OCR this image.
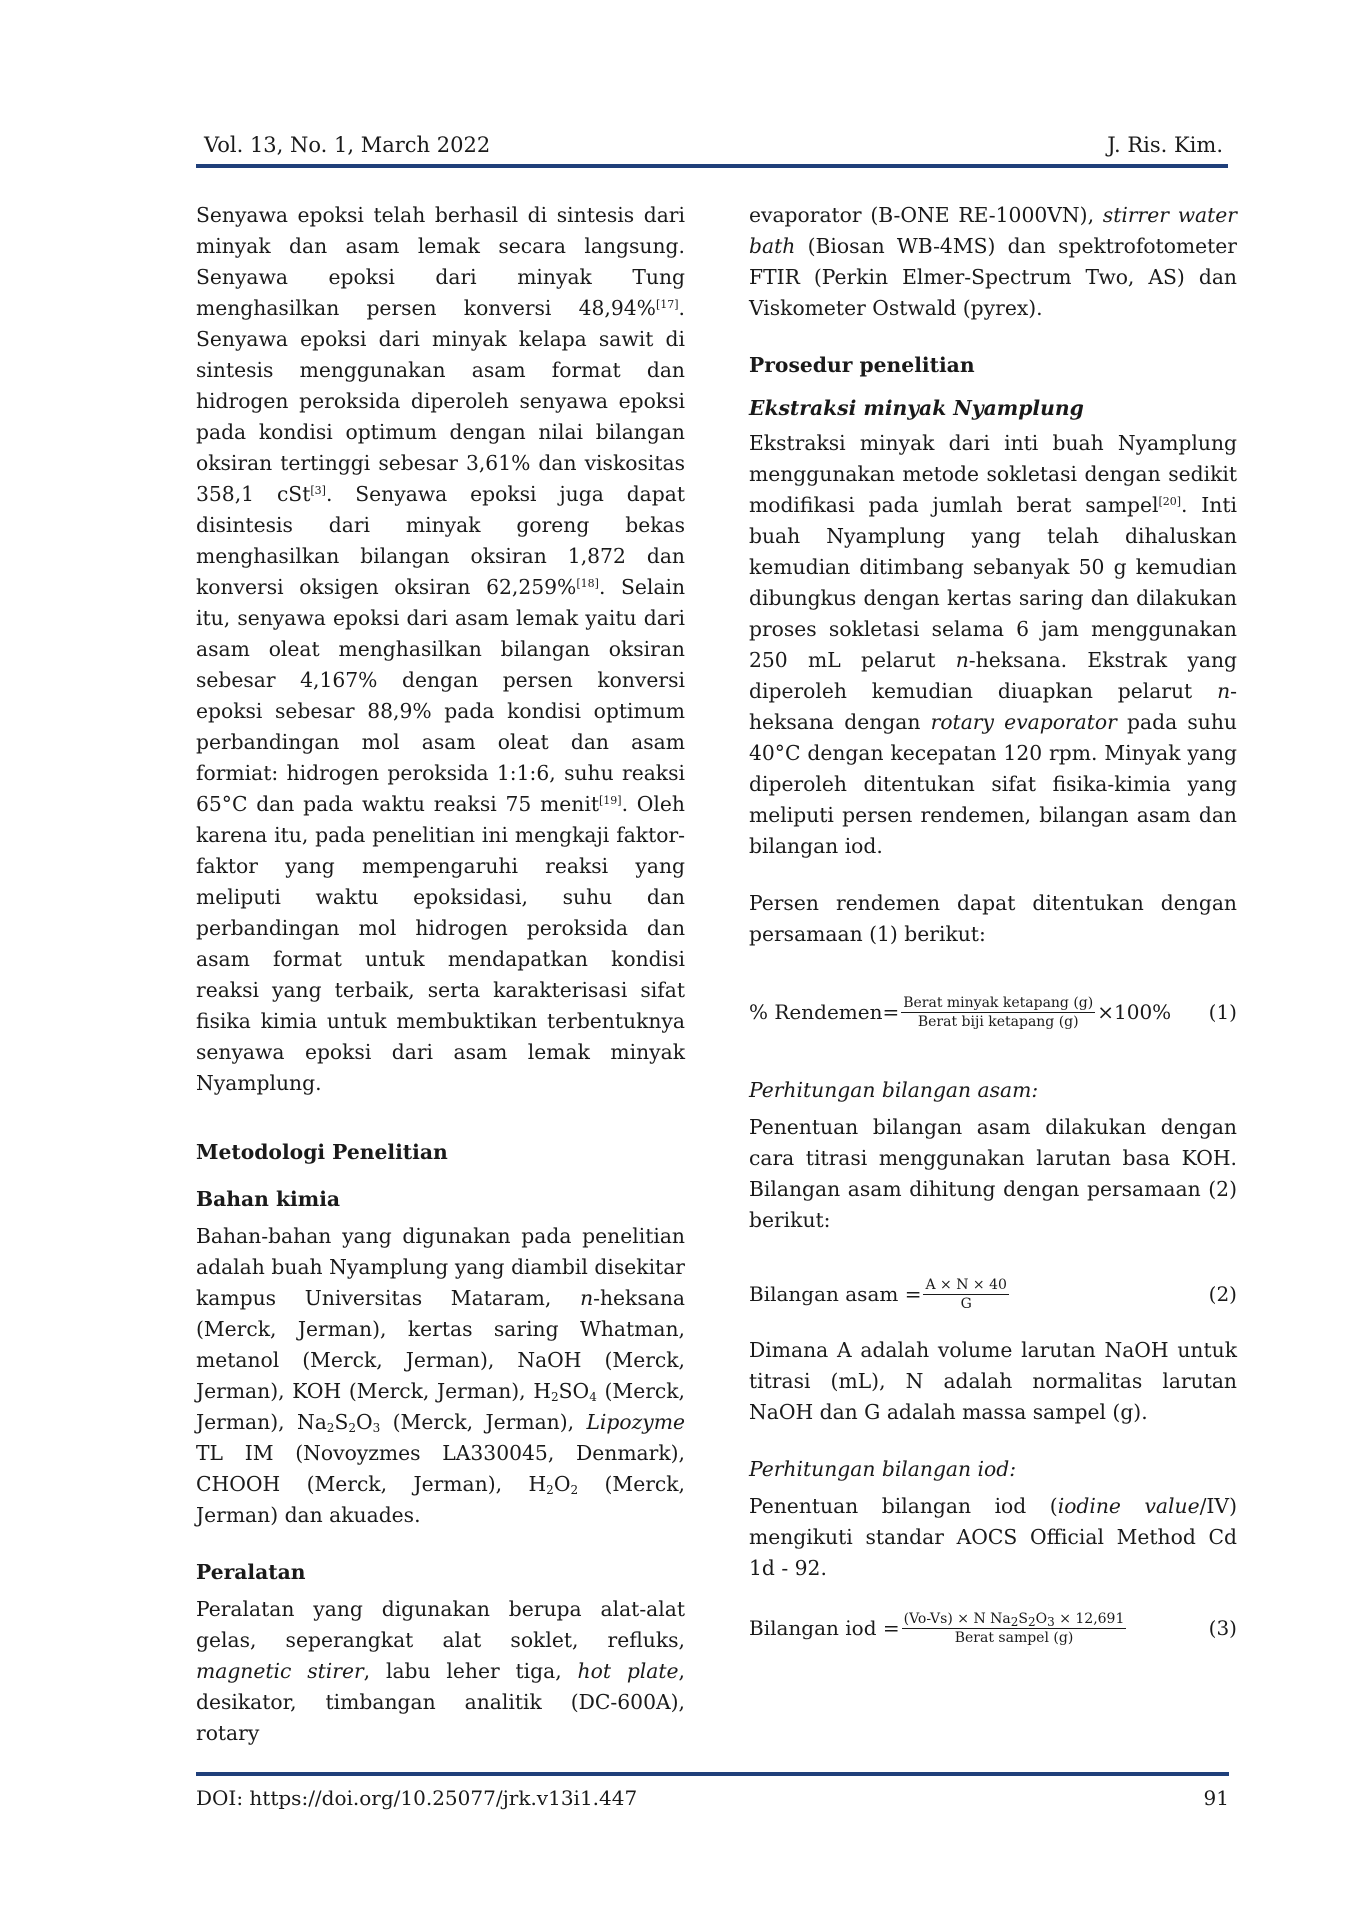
Vol. 13, No. 1, March 2022	J. Ris. Kim.

Senyawa epoksi telah berhasil di sintesis dari minyak dan asam lemak secara langsung. Senyawa epoksi dari minyak Tung menghasilkan persen konversi 48,94%[17]. Senyawa epoksi dari minyak kelapa sawit di sintesis menggunakan asam format dan hidrogen peroksida diperoleh senyawa epoksi pada kondisi optimum dengan nilai bilangan oksiran tertinggi sebesar 3,61% dan viskositas 358,1 cSt[3]. Senyawa epoksi juga dapat disintesis dari minyak goreng bekas menghasilkan bilangan oksiran 1,872 dan konversi oksigen oksiran 62,259%[18]. Selain itu, senyawa epoksi dari asam lemak yaitu dari asam oleat menghasilkan bilangan oksiran sebesar 4,167% dengan persen konversi epoksi sebesar 88,9% pada kondisi optimum perbandingan mol asam oleat dan asam formiat: hidrogen peroksida 1:1:6, suhu reaksi 65°C dan pada waktu reaksi 75 menit[19]. Oleh karena itu, pada penelitian ini mengkaji faktor-faktor yang mempengaruhi reaksi yang meliputi waktu epoksidasi, suhu dan perbandingan mol hidrogen peroksida dan asam format untuk mendapatkan kondisi reaksi yang terbaik, serta karakterisasi sifat fisika kimia untuk membuktikan terbentuknya senyawa epoksi dari asam lemak minyak Nyamplung.

Metodologi Penelitian

Bahan kimia

Bahan-bahan yang digunakan pada penelitian adalah buah Nyamplung yang diambil disekitar kampus Universitas Mataram, n-heksana (Merck, Jerman), kertas saring Whatman, metanol (Merck, Jerman), NaOH (Merck, Jerman), KOH (Merck, Jerman), $H_2SO_4$ (Merck, Jerman), $Na_2S_2O_3$ (Merck, Jerman), Lipozyme TL IM (Novoyzmes LA330045, Denmark), CHOOH (Merck, Jerman), $H_2O_2$ (Merck, Jerman) dan akuades.

Peralatan

Peralatan yang digunakan berupa alat-alat gelas, seperangkat alat soklet, refluks, magnetic stirer, labu leher tiga, hot plate, desikator, timbangan analitik (DC-600A), rotary

evaporator (B-ONE RE-1000VN), stirrer water bath (Biosan WB-4MS) dan spektrofotometer FTIR (Perkin Elmer-Spectrum Two, AS) dan Viskometer Ostwald (pyrex).

Prosedur penelitian

Ekstraksi minyak Nyamplung

Ekstraksi minyak dari inti buah Nyamplung menggunakan metode sokletasi dengan sedikit modifikasi pada jumlah berat sampel[20]. Inti buah Nyamplung yang telah dihaluskan kemudian ditimbang sebanyak 50 g kemudian dibungkus dengan kertas saring dan dilakukan proses sokletasi selama 6 jam menggunakan 250 mL pelarut n-heksana. Ekstrak yang diperoleh kemudian diuapkan pelarut n-heksana dengan rotary evaporator pada suhu 40°C dengan kecepatan 120 rpm. Minyak yang diperoleh ditentukan sifat fisika-kimia yang meliputi persen rendemen, bilangan asam dan bilangan iod.

Persen rendemen dapat ditentukan dengan persamaan (1) berikut:

% Rendemen= $\frac{\text{Berat minyak ketapang (g)}}{\text{Berat biji ketapang (g)}} \times 100\%$ (1)

Perhitungan bilangan asam:

Penentuan bilangan asam dilakukan dengan cara titrasi menggunakan larutan basa KOH. Bilangan asam dihitung dengan persamaan (2) berikut:

Bilangan asam = $\frac{A \times N \times 40}{G}$	(2)

Dimana A adalah volume larutan NaOH untuk titrasi (mL), N adalah normalitas larutan NaOH dan G adalah massa sampel (g).

Perhitungan bilangan iod:

Penentuan bilangan iod (iodine value/IV) mengikuti standar AOCS Official Method Cd 1d - 92.

Bilangan iod = $\frac{(Vo-Vs) \times N Na_2S_2O_3 \times 12,691}{\text{Berat sampel (g)}}$	(3)
DOI: https://doi.org/10.25077/jrk.v13i1.447	91
